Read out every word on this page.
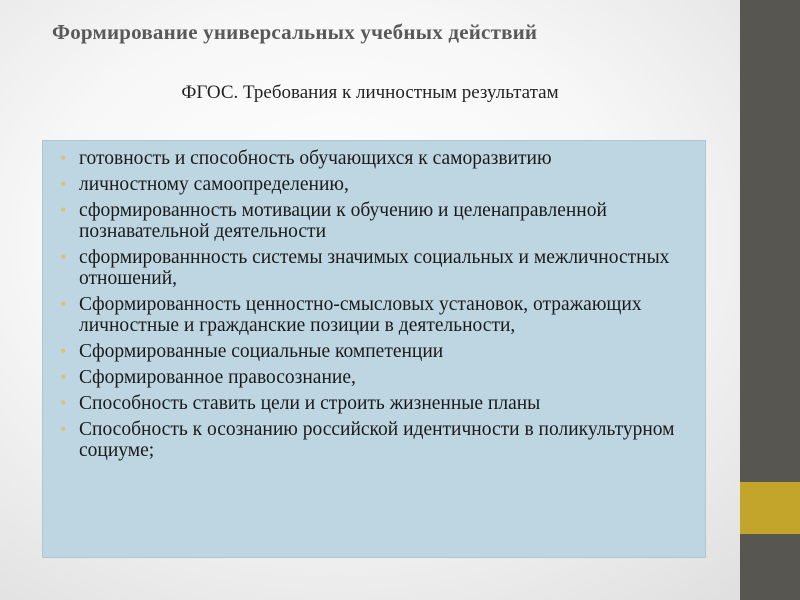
Формирование универсальных учебных действий
ФГОС. Требования к личностным результатам
• готовность и способность обучающихся к саморазвитию
• личностному самоопределению,
• сформированность мотивации к обучению и целенаправленной познавательной деятельности
• сформированнность системы значимых социальных и межличностных отношений,
• Сформированность ценностно-смысловых установок, отражающих личностные и гражданские позиции в деятельности,
• Сформированные социальные компетенции
• Сформированное правосознание,
• Способность ставить цели и строить жизненные планы
• Способность к осознанию российской идентичности в поликультурном социуме;
